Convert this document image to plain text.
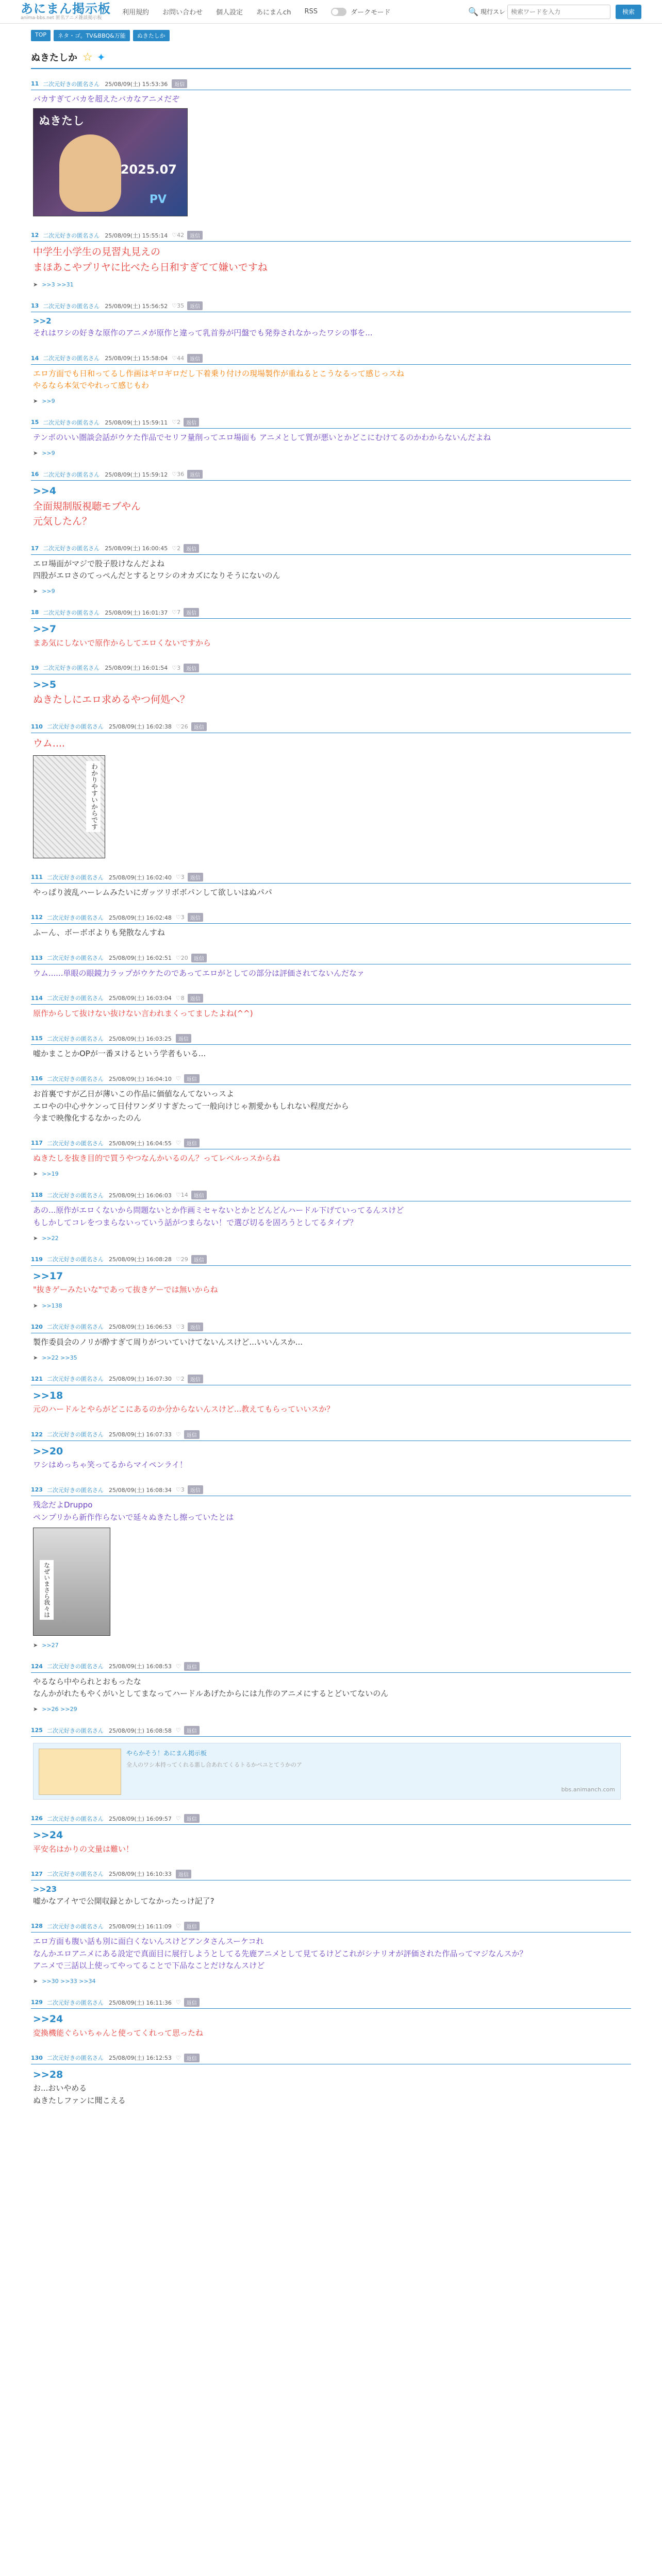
あにまん掲示板
anima-bbs.net 匿名アニメ雑談掲示板
利用規約 お問い合わせ 個人設定 あにまんch RSS	ダークモード	🔍 現行スレ
検索ワードを入力	検索
TOP	ネタ・ゴ。TV&BBQ&万能	ぬきたしか
ぬきたしか ☆ ✦
11 二次元好きの匿名さん 25/08/09(土) 15:53:36	返信
バカすぎてバカを超えたバカなアニメだぞ
ぬきたし
2025.07
PV
12 二次元好きの匿名さん 25/08/09(土) 15:55:14 ♡42	返信
中学生小学生の見習丸見えの
まほあこやプリヤに比べたら日和すぎてて嫌いですね
➤ >>3 >>31
13 二次元好きの匿名さん 25/08/09(土) 15:56:52 ♡35	返信
>>2
それはワシの好きな原作のアニメが原作と違って乳首券が円盤でも発券されなかったワシの事を...
14 二次元好きの匿名さん 25/08/09(土) 15:58:04 ♡44	返信
エロ方面でも日和ってるし作画はギロギロだし下着乗り付けの現場製作が重ねるとこうなるって感じっスね
やるなら本気でやれって感じもわ
➤ >>9
15 二次元好きの匿名さん 25/08/09(土) 15:59:11 ♡2	返信
テンポのいい圏談会話がウケた作品でセリフ量削ってエロ場面も アニメとして質が悪いとかどこにむけてるのかわからないんだよね
➤ >>9
16 二次元好きの匿名さん 25/08/09(土) 15:59:12 ♡36	返信
>>4
全面規制版視聴モブやん
元気したん？
17 二次元好きの匿名さん 25/08/09(土) 16:00:45 ♡2	返信
エロ場面がマジで股子股けなんだよね
四股がエロさのてっぺんだとするとワシのオカズになりそうにないのん
➤ >>9
18 二次元好きの匿名さん 25/08/09(土) 16:01:37 ♡7	返信
>>7
まあ気にしないで原作からしてエロくないですから
19 二次元好きの匿名さん 25/08/09(土) 16:01:54 ♡3	返信
>>5
ぬきたしにエロ求めるやつ何処へ？
110 二次元好きの匿名さん 25/08/09(土) 16:02:38 ♡26	返信
ウム....
わかりやすいからです
111 二次元好きの匿名さん 25/08/09(土) 16:02:40 ♡3	返信
やっぱり波乱ハーレムみたいにガッツリボボパンして欲しいはぬパパ
112 二次元好きの匿名さん 25/08/09(土) 16:02:48 ♡3	返信
ふーん、ボーボボよりも発散なんすね
113 二次元好きの匿名さん 25/08/09(土) 16:02:51 ♡20	返信
ウム......単眼の眼鏡力ラップがウケたのであってエロがとしての部分は評価されてないんだなァ
114 二次元好きの匿名さん 25/08/09(土) 16:03:04 ♡8	返信
原作からして抜けない抜けない言われまくってましたよね(^^)
115 二次元好きの匿名さん 25/08/09(土) 16:03:25	返信
嘘かまことかOPが一番ヌけるという学者もいる...
116 二次元好きの匿名さん 25/08/09(土) 16:04:10 ♡	返信
お首裏ですが乙日が薄いこの作品に価値なんてないっスよ
エロやの中心サケンって日付ワンダリすぎたって一般向けじゃ割愛かもしれない程度だから
今まで映像化するなかったのん
117 二次元好きの匿名さん 25/08/09(土) 16:04:55 ♡	返信
ぬきたしを抜き目的で買うやつなんかいるのん？ってレベルっスからね
➤ >>19
118 二次元好きの匿名さん 25/08/09(土) 16:06:03 ♡14	返信
あの...原作がエロくないから問題ないとか作画ミセャないとかとどんどんハードル下げていってるんスけど
もしかしてコレをつまらないっていう話がつまらない！で選び切るを固ろうとしてるタイプ？
➤ >>22
119 二次元好きの匿名さん 25/08/09(土) 16:08:28 ♡29	返信
>>17
"抜きゲーみたいな"であって抜きゲーでは無いからね
➤ >>138
120 二次元好きの匿名さん 25/08/09(土) 16:06:53 ♡3	返信
製作委員会のノリが酔すぎて周りがついていけてないんスけど...いいんスか...
➤ >>22 >>35
121 二次元好きの匿名さん 25/08/09(土) 16:07:30 ♡2	返信
>>18
元のハードルとやらがどこにあるのか分からないんスけど...教えてもらっていいスか？
122 二次元好きの匿名さん 25/08/09(土) 16:07:33 ♡	返信
>>20
ワシはめっちゃ笑ってるからマイペンライ！
123 二次元好きの匿名さん 25/08/09(土) 16:08:34 ♡3	返信
残念だよDruppo
ペンプリから新作作らないで延々ぬきたし擦っていたとは
なぜいまさら我々は
➤ >>27
124 二次元好きの匿名さん 25/08/09(土) 16:08:53 ♡	返信
やるなら中やられとおもったな
なんかがれたもやくがいとしてまなってハードルあげたからには九作のアニメにするとどいてないのん
➤ >>26 >>29
125 二次元好きの匿名さん 25/08/09(土) 16:08:58 ♡	返信
やらかそう！あにまん掲示板
全人のワシ本持ってくれる悪し合あれてくるトるかペユとてうかのア
bbs.animanch.com
126 二次元好きの匿名さん 25/08/09(土) 16:09:57 ♡	返信
>>24
平安名はかりの文量は難い！
127 二次元好きの匿名さん 25/08/09(土) 16:10:33	返信
>>23
嘘かなアイヤで公開収録とかしてなかったっけ記了?
128 二次元好きの匿名さん 25/08/09(土) 16:11:09 ♡	返信
エロ方面も腹い話も別に面白くないんスけどアンタさんスーケコれ
なんかエロアニメにある設定で真面目に展行しようとしてる先鹿アニメとして見てるけどこれがシナリオが評価された作品ってマジなんスか？
アニメで三話以上使ってやってることで下品なことだけなんスけど
➤ >>30 >>33 >>34
129 二次元好きの匿名さん 25/08/09(土) 16:11:36 ♡	返信
>>24
変換機能ぐらいちゃんと使ってくれって思ったね
130 二次元好きの匿名さん 25/08/09(土) 16:12:53 ♡	返信
>>28
お...おいやめる
ぬきたしファンに聞こえる
